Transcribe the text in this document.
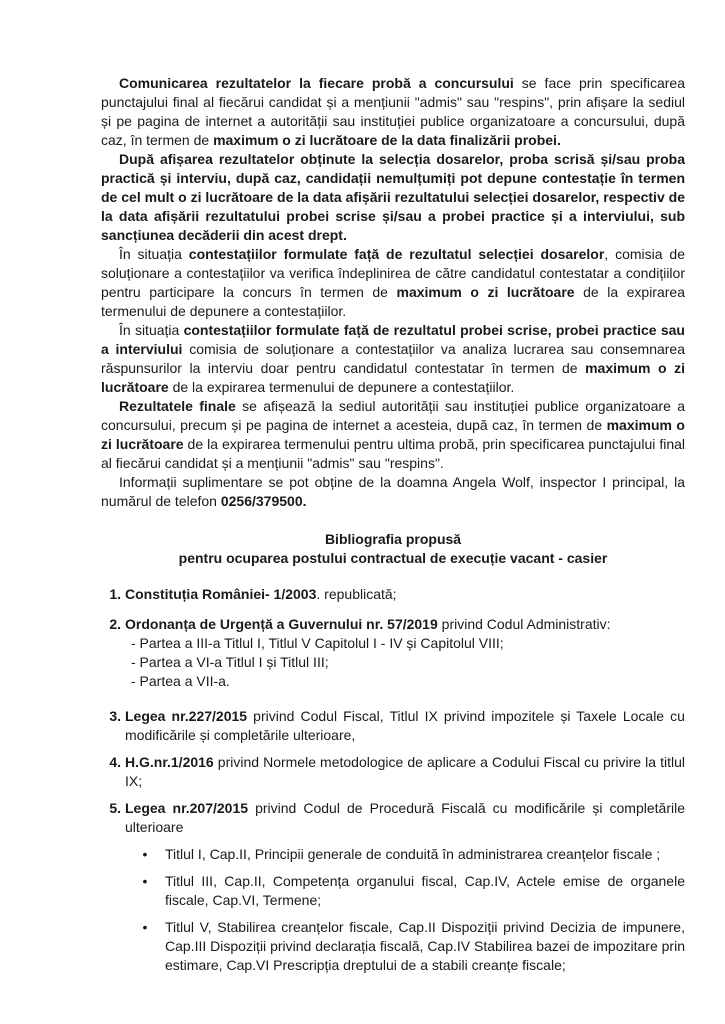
Comunicarea rezultatelor la fiecare probă a concursului se face prin specificarea punctajului final al fiecărui candidat și a mențiunii "admis" sau "respins", prin afișare la sediul și pe pagina de internet a autorității sau instituției publice organizatoare a concursului, după caz, în termen de maximum o zi lucrătoare de la data finalizării probei.

După afișarea rezultatelor obținute la selecția dosarelor, proba scrisă și/sau proba practică și interviu, după caz, candidații nemulțumiți pot depune contestație în termen de cel mult o zi lucrătoare de la data afișării rezultatului selecției dosarelor, respectiv de la data afișării rezultatului probei scrise și/sau a probei practice și a interviului, sub sancțiunea decăderii din acest drept.

În situația contestațiilor formulate față de rezultatul selecției dosarelor, comisia de soluționare a contestațiilor va verifica îndeplinirea de către candidatul contestatar a condițiilor pentru participare la concurs în termen de maximum o zi lucrătoare de la expirarea termenului de depunere a contestațiilor.

În situația contestațiilor formulate față de rezultatul probei scrise, probei practice sau a interviului comisia de soluționare a contestațiilor va analiza lucrarea sau consemnarea răspunsurilor la interviu doar pentru candidatul contestatar în termen de maximum o zi lucrătoare de la expirarea termenului de depunere a contestațiilor.

Rezultatele finale se afișează la sediul autorității sau instituției publice organizatoare a concursului, precum și pe pagina de internet a acesteia, după caz, în termen de maximum o zi lucrătoare de la expirarea termenului pentru ultima probă, prin specificarea punctajului final al fiecărui candidat și a mențiunii "admis" sau "respins".

Informații suplimentare se pot obține de la doamna Angela Wolf, inspector I principal, la numărul de telefon 0256/379500.

Bibliografia propusă

pentru ocuparea postului contractual de execuție vacant - casier

1. Constituția României- 1/2003. republicată;
2. Ordonanța de Urgență a Guvernului nr. 57/2019 privind Codul Administrativ:
- Partea a III-a Titlul I, Titlul V Capitolul I - IV și Capitolul VIII;
- Partea a VI-a Titlul I și Titlul III;
- Partea a VII-a.
3. Legea nr.227/2015 privind Codul Fiscal, Titlul IX privind impozitele și Taxele Locale cu modificările și completările ulterioare,
4. H.G.nr.1/2016 privind Normele metodologice de aplicare a Codului Fiscal cu privire la titlul IX;
5. Legea nr.207/2015 privind Codul de Procedură Fiscală cu modificările și completările ulterioare
•	Titlul I, Cap.II, Principii generale de conduită în administrarea creanțelor fiscale ;
•	Titlul III, Cap.II, Competența organului fiscal, Cap.IV, Actele emise de organele fiscale, Cap.VI, Termene;
•	Titlul V, Stabilirea creanțelor fiscale, Cap.II Dispoziții privind Decizia de impunere, Cap.III Dispoziții privind declarația fiscală, Cap.IV Stabilirea bazei de impozitare prin estimare, Cap.VI Prescripția dreptului de a stabili creanțe fiscale;
